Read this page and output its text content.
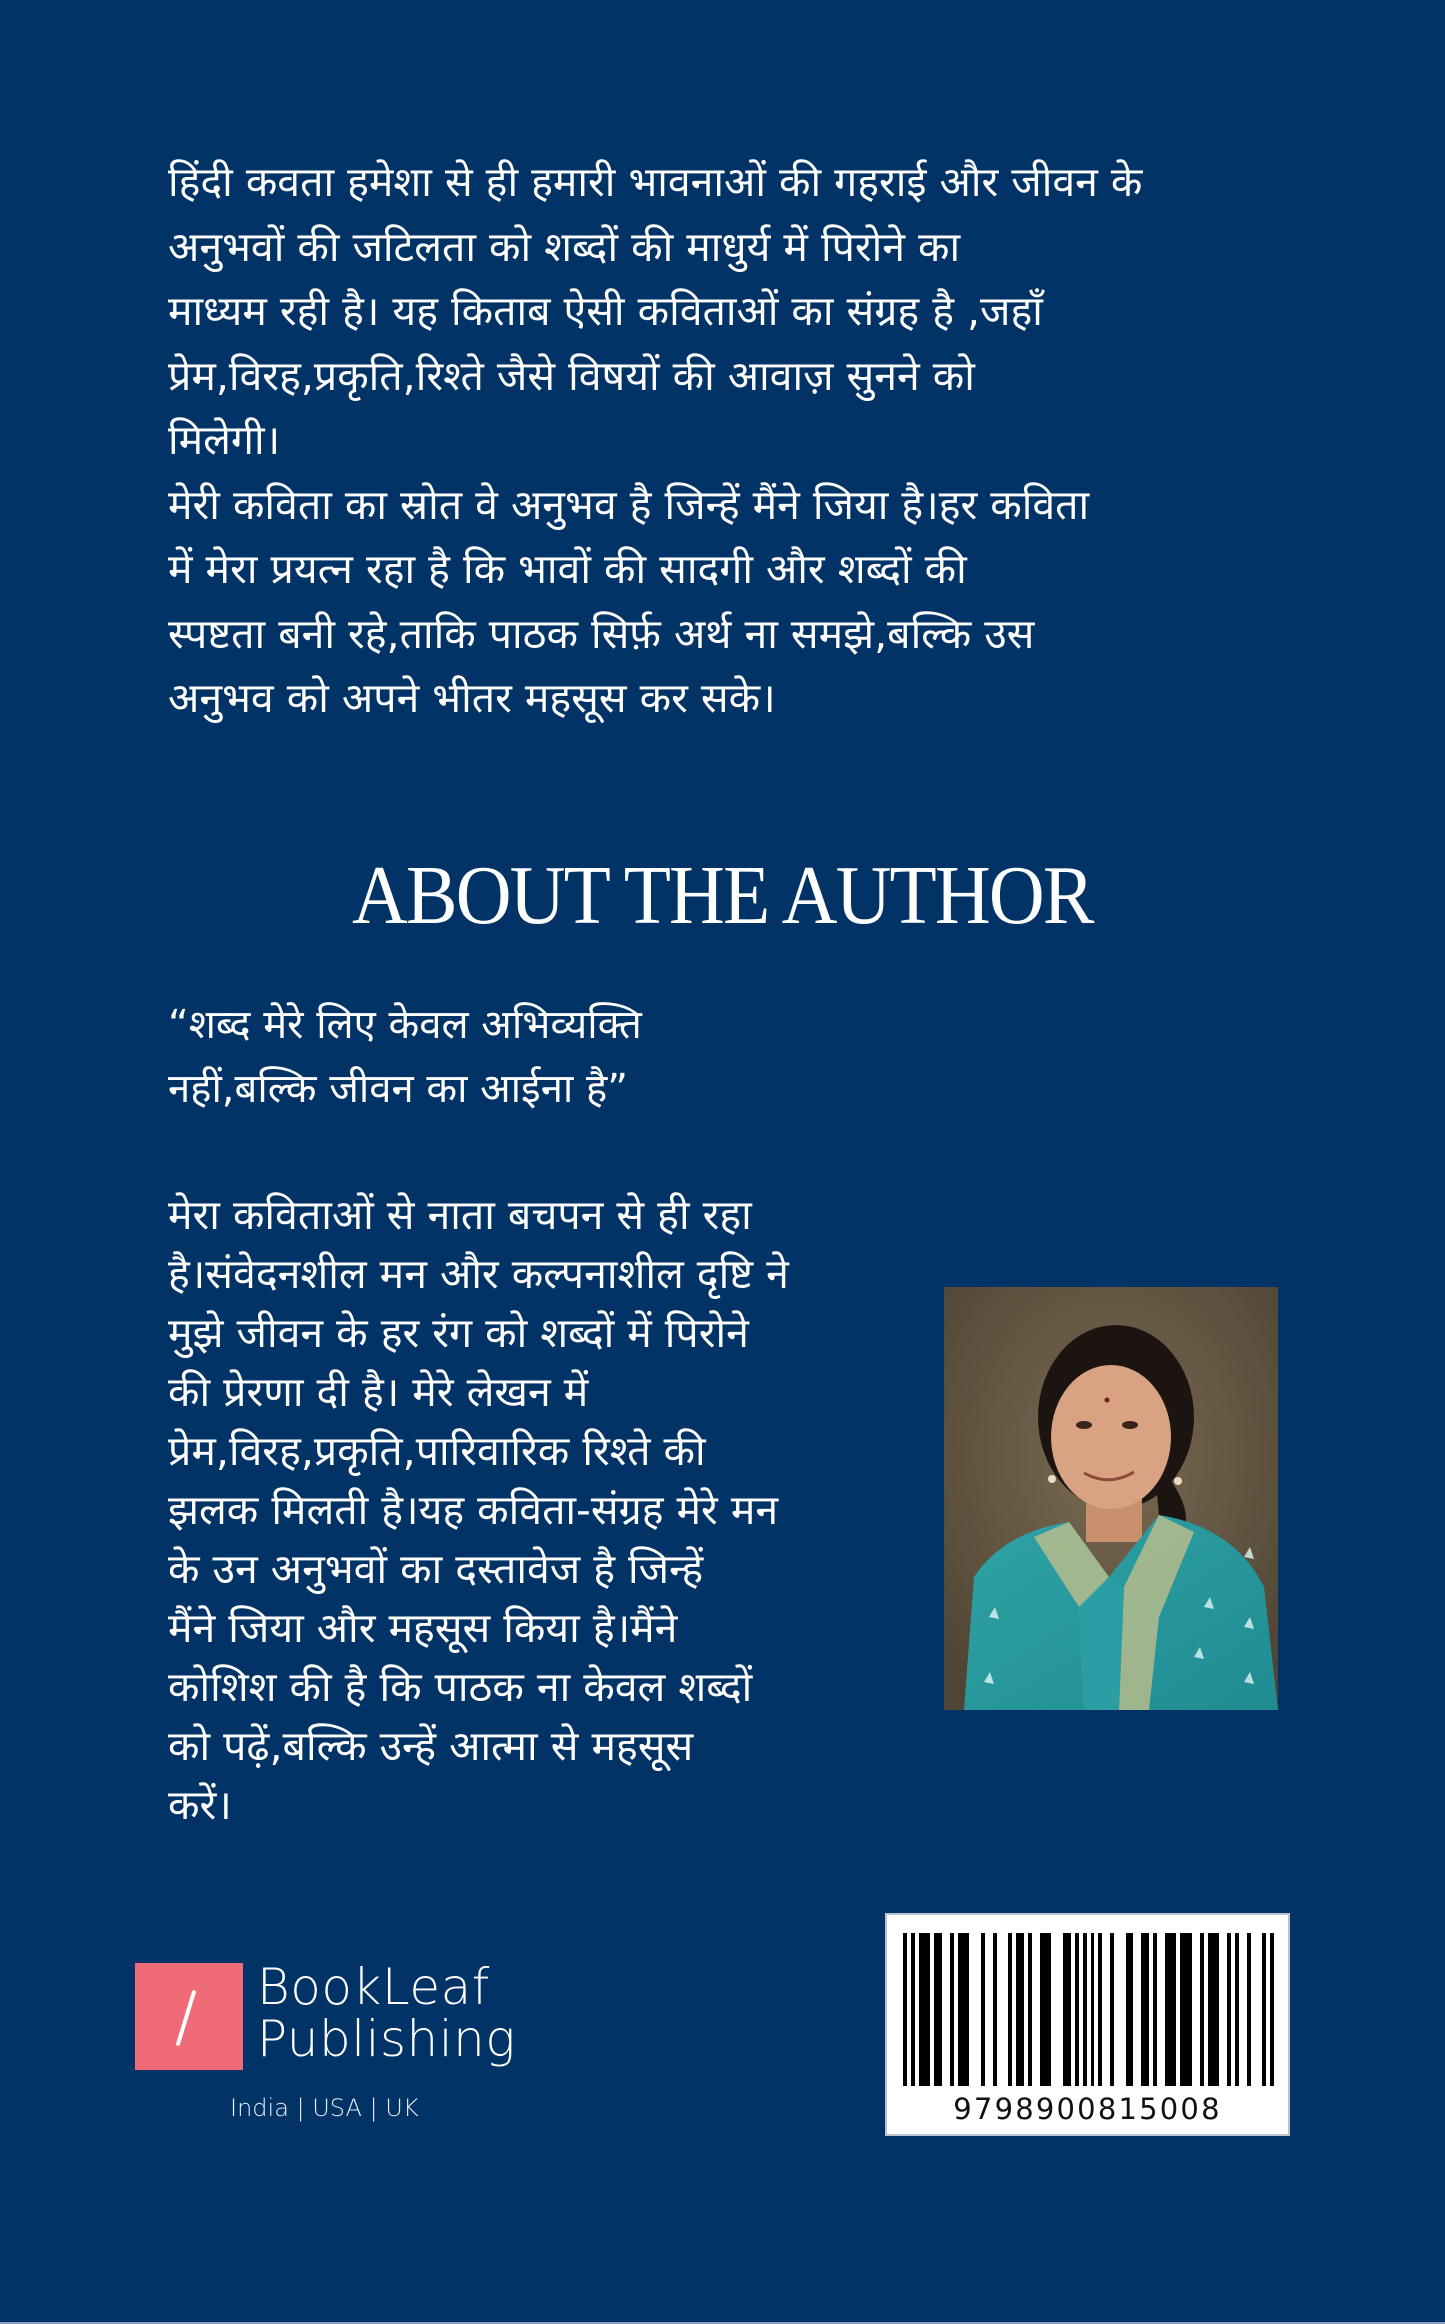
हिंदी कवता हमेशा से ही हमारी भावनाओं की गहराई और जीवन के
अनुभवों की जटिलता को शब्दों की माधुर्य में पिरोने का
माध्यम रही है। यह किताब ऐसी कविताओं का संग्रह है ,जहाँ
प्रेम,विरह,प्रकृति,रिश्ते जैसे विषयों की आवाज़ सुनने को
मिलेगी।
मेरी कविता का स्रोत वे अनुभव है जिन्हें मैंने जिया है।हर कविता
में मेरा प्रयत्न रहा है कि भावों की सादगी और शब्दों की
स्पष्टता बनी रहे,ताकि पाठक सिर्फ़ अर्थ ना समझे,बल्कि उस
अनुभव को अपने भीतर महसूस कर सके।
ABOUT THE AUTHOR
“शब्द मेरे लिए केवल अभिव्यक्ति
नहीं,बल्कि जीवन का आईना है”
मेरा कविताओं से नाता बचपन से ही रहा
है।संवेदनशील मन और कल्पनाशील दृष्टि ने
मुझे जीवन के हर रंग को शब्दों में पिरोने
की प्रेरणा दी है। मेरे लेखन में
प्रेम,विरह,प्रकृति,पारिवारिक रिश्ते की
झलक मिलती है।यह कविता-संग्रह मेरे मन
के उन अनुभवों का दस्तावेज है जिन्हें
मैंने जिया और महसूस किया है।मैंने
कोशिश की है कि पाठक ना केवल शब्दों
को पढ़ें,बल्कि उन्हें आत्मा से महसूस
करें।
BookLeaf
Publishing
India | USA | UK	9798900815008
